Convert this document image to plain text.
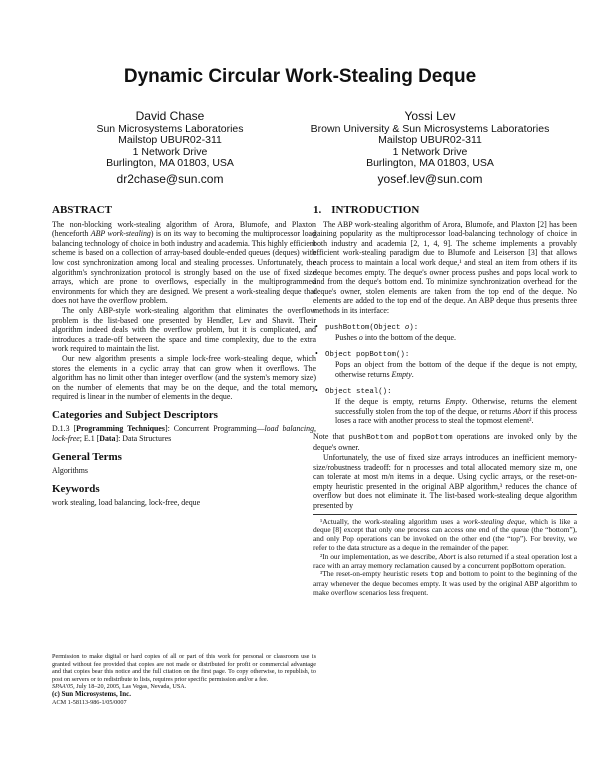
Dynamic Circular Work-Stealing Deque
David Chase
Sun Microsystems Laboratories
Mailstop UBUR02-311
1 Network Drive
Burlington, MA 01803, USA
dr2chase@sun.com
Yossi Lev
Brown University & Sun Microsystems Laboratories
Mailstop UBUR02-311
1 Network Drive
Burlington, MA 01803, USA
yosef.lev@sun.com
ABSTRACT

The non-blocking work-stealing algorithm of Arora, Blumofe, and Plaxton (henceforth ABP work-stealing) is on its way to becoming the multiprocessor load balancing technology of choice in both industry and academia. This highly efficient scheme is based on a collection of array-based double-ended queues (deques) with low cost synchronization among local and stealing processes. Unfortunately, the algorithm's synchronization protocol is strongly based on the use of fixed size arrays, which are prone to overflows, especially in the multiprogrammed environments for which they are designed. We present a work-stealing deque that does not have the overflow problem.

The only ABP-style work-stealing algorithm that eliminates the overflow problem is the list-based one presented by Hendler, Lev and Shavit. Their algorithm indeed deals with the overflow problem, but it is complicated, and introduces a trade-off between the space and time complexity, due to the extra work required to maintain the list.

Our new algorithm presents a simple lock-free work-stealing deque, which stores the elements in a cyclic array that can grow when it overflows. The algorithm has no limit other than integer overflow (and the system's memory size) on the number of elements that may be on the deque, and the total memory required is linear in the number of elements in the deque.

Categories and Subject Descriptors

D.1.3 [Programming Techniques]: Concurrent Programming—load balancing, lock-free; E.1 [Data]: Data Structures

General Terms

Algorithms

Keywords

work stealing, load balancing, lock-free, deque

Permission to make digital or hard copies of all or part of this work for personal or classroom use is granted without fee provided that copies are not made or distributed for profit or commercial advantage and that copies bear this notice and the full citation on the first page. To copy otherwise, to republish, to post on servers or to redistribute to lists, requires prior specific permission and/or a fee.

SPAA'05, July 18–20, 2005, Las Vegas, Nevada, USA.
(c) Sun Microsystems, Inc.
ACM 1-58113-986-1/05/0007
1. INTRODUCTION

The ABP work-stealing algorithm of Arora, Blumofe, and Plaxton [2] has been gaining popularity as the multiprocessor load-balancing technology of choice in both industry and academia [2, 1, 4, 9]. The scheme implements a provably efficient work-stealing paradigm due to Blumofe and Leiserson [3] that allows each process to maintain a local work deque,¹ and steal an item from others if its deque becomes empty. The deque's owner process pushes and pops local work to and from the deque's bottom end. To minimize synchronization overhead for the deque's owner, stolen elements are taken from the top end of the deque. No elements are added to the top end of the deque. An ABP deque thus presents three methods in its interface:

• pushBottom(Object o):
Pushes o into the bottom of the deque.
• Object popBottom():
Pops an object from the bottom of the deque if the deque is not empty, otherwise returns Empty.
• Object steal():
If the deque is empty, returns Empty. Otherwise, returns the element successfully stolen from the top of the deque, or returns Abort if this process loses a race with another process to steal the topmost element².

Note that pushBottom and popBottom operations are invoked only by the deque's owner.

Unfortunately, the use of fixed size arrays introduces an inefficient memory-size/robustness tradeoff: for n processes and total allocated memory size m, one can tolerate at most m/n items in a deque. Using cyclic arrays, or the reset-on-empty heuristic presented in the original ABP algorithm,³ reduces the chance of overflow but does not eliminate it. The list-based work-stealing deque algorithm presented by

¹Actually, the work-stealing algorithm uses a work-stealing deque, which is like a deque [8] except that only one process can access one end of the queue (the “bottom”), and only Pop operations can be invoked on the other end (the “top”). For brevity, we refer to the data structure as a deque in the remainder of the paper.

²In our implementation, as we describe, Abort is also returned if a steal operation lost a race with an array memory reclamation caused by a concurrent popBottom operation.

³The reset-on-empty heuristic resets top and bottom to point to the beginning of the array whenever the deque becomes empty. It was used by the original ABP algorithm to make overflow scenarios less frequent.
